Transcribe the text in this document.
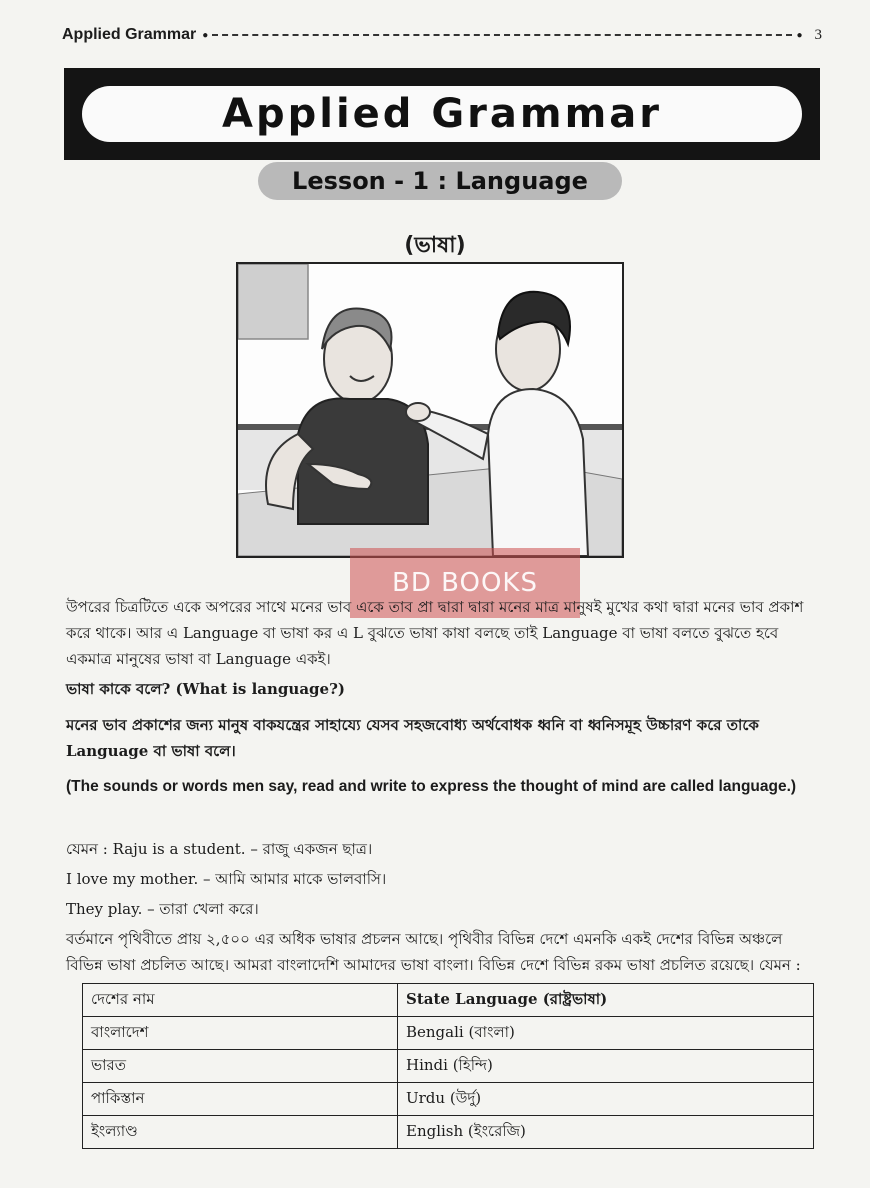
Applied Grammar ●	● 3
Applied Grammar
Lesson - 1 : Language
(ভাষা)
BD BOOKS
উপরের চিত্রটিতে একে অপরের সাথে মনের ভাব একে তাব প্রা দ্বারা দ্বারা মনের মাত্র মানুষই মুখের কথা দ্বারা মনের ভাব প্রকাশ করে থাকে। আর এ Language বা ভাষা কর এ L বুঝতে ভাষা কাষা বলছে তাই Language বা ভাষা বলতে বুঝতে হবে একমাত্র মানুষের ভাষা বা Language একই।
ভাষা কাকে বলে? (What is language?)
মনের ভাব প্রকাশের জন্য মানুষ বাকযন্ত্রের সাহায্যে যেসব সহজবোধ্য অর্থবোধক ধ্বনি বা ধ্বনিসমূহ উচ্চারণ করে তাকে Language বা ভাষা বলে।
(The sounds or words men say, read and write to express the thought of mind are called language.)
যেমন : Raju is a student. – রাজু একজন ছাত্র।
I love my mother. – আমি আমার মাকে ভালবাসি।
They play. – তারা খেলা করে।
বর্তমানে পৃথিবীতে প্রায় ২,৫০০ এর অধিক ভাষার প্রচলন আছে। পৃথিবীর বিভিন্ন দেশে এমনকি একই দেশের বিভিন্ন অঞ্চলে বিভিন্ন ভাষা প্রচলিত আছে। আমরা বাংলাদেশি আমাদের ভাষা বাংলা। বিভিন্ন দেশে বিভিন্ন রকম ভাষা প্রচলিত রয়েছে। যেমন :
দেশের নাম	State Language (রাষ্ট্রভাষা)
বাংলাদেশ	Bengali (বাংলা)
ভারত	Hindi (হিন্দি)
পাকিস্তান	Urdu (উর্দু)
ইংল্যাণ্ড	English (ইংরেজি)
